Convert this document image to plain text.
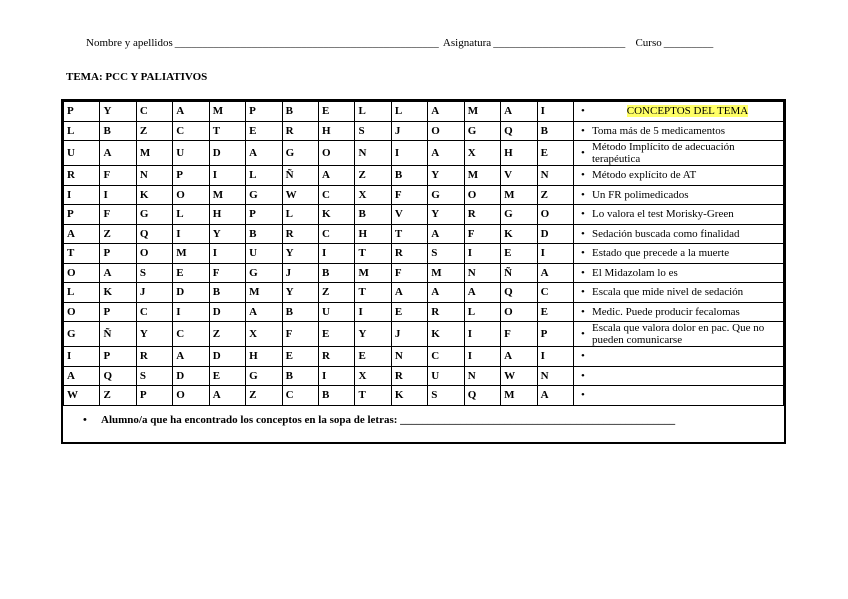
Nombre y apellidos ________________________________________________ Asignatura ________________________ Curso _________
TEMA: PCC Y PALIATIVOS
P	Y	C	A	M	P	B	E	L	L	A	M	A	I	• CONCEPTOS DEL TEMA
L	B	Z	C	T	E	R	H	S	J	O	G	Q	B	• Toma más de 5 medicamentos
U	A	M	U	D	A	G	O	N	I	A	X	H	E	• Método Implícito de adecuación terapéutica
R	F	N	P	I	L	Ñ	A	Z	B	Y	M	V	N	• Método explícito de AT
I	I	K	O	M	G	W	C	X	F	G	O	M	Z	• Un FR polimedicados
P	F	G	L	H	P	L	K	B	V	Y	R	G	O	• Lo valora el test Morisky-Green
A	Z	Q	I	Y	B	R	C	H	T	A	F	K	D	• Sedación buscada como finalidad
T	P	O	M	I	U	Y	I	T	R	S	I	E	I	• Estado que precede a la muerte
O	A	S	E	F	G	J	B	M	F	M	N	Ñ	A	• El Midazolam lo es
L	K	J	D	B	M	Y	Z	T	A	A	A	Q	C	• Escala que mide nivel de sedación
O	P	C	I	D	A	B	U	I	E	R	L	O	E	• Medic. Puede producir fecalomas
G	Ñ	Y	C	Z	X	F	E	Y	J	K	I	F	P	• Escala que valora dolor en pac. Que no pueden comunicarse
I	P	R	A	D	H	E	R	E	N	C	I	A	I	•
A	Q	S	D	E	G	B	I	X	R	U	N	W	N	•
W	Z	P	O	A	Z	C	B	T	K	S	Q	M	A	•
• Alumno/a que ha encontrado los conceptos en la sopa de letras: __________________________________________________
